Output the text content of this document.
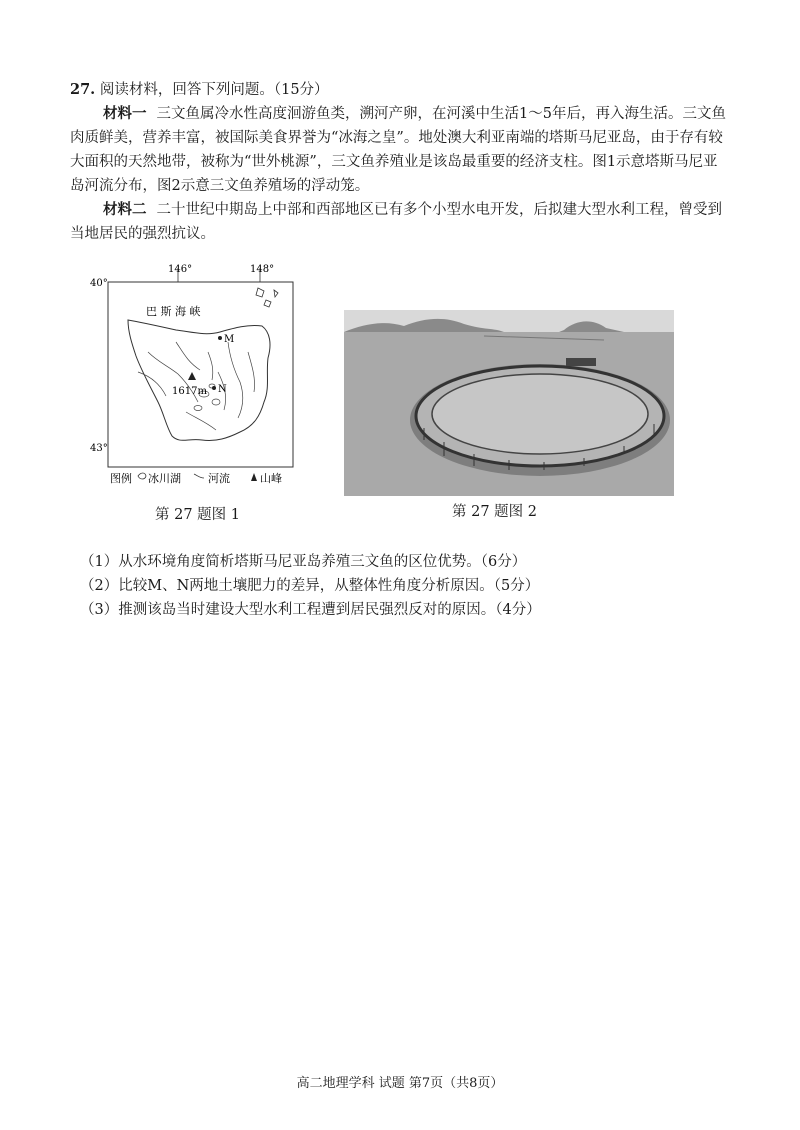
27. 阅读材料，回答下列问题。（15分）
材料一 三文鱼属冷水性高度洄游鱼类，溯河产卵，在河溪中生活1～5年后，再入海生活。三文鱼肉质鲜美，营养丰富，被国际美食界誉为“冰海之皇”。地处澳大利亚南端的塔斯马尼亚岛，由于存有较大面积的天然地带，被称为“世外桃源”，三文鱼养殖业是该岛最重要的经济支柱。图1示意塔斯马尼亚岛河流分布，图2示意三文鱼养殖场的浮动笼。
材料二 二十世纪中期岛上中部和西部地区已有多个小型水电开发，后拟建大型水利工程，曾受到当地居民的强烈抗议。
146°	148°
40°
43°
巴 斯 海 峡
M
1617m N
图例 冰川湖 河流	山峰
第 27 题图 1	第 27 题图 2
（1）从水环境角度简析塔斯马尼亚岛养殖三文鱼的区位优势。（6分）
（2）比较M、N两地土壤肥力的差异，从整体性角度分析原因。（5分）
（3）推测该岛当时建设大型水利工程遭到居民强烈反对的原因。（4分）
高二地理学科 试题 第7页（共8页）
